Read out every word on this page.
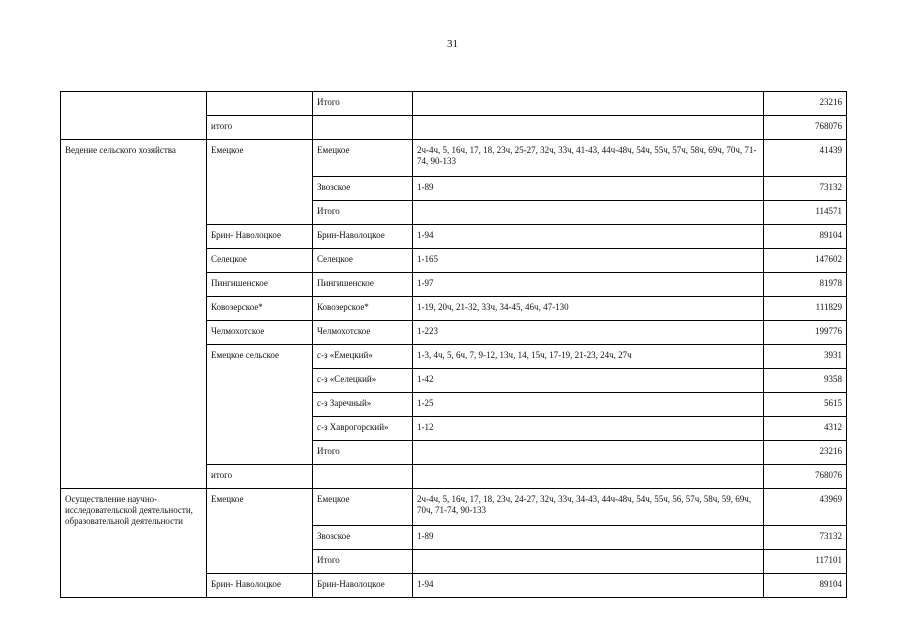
31
		Итого		23216
	итого			768076
Ведение сельского хозяйства	Емецкое	Емецкое	2ч-4ч, 5, 16ч, 17, 18, 23ч, 25-27, 32ч, 33ч, 41-43, 44ч-48ч, 54ч, 55ч, 57ч, 58ч, 69ч, 70ч, 71-74, 90-133	41439
		Звозское	1-89	73132
		Итого		114571
	Брин- Наволоцкое	Брин-Наволоцкое	1-94	89104
	Селецкое	Селецкое	1-165	147602
	Пингишенское	Пингишенское	1-97	81978
	Ковозерское*	Ковозерское*	1-19, 20ч, 21-32, 33ч, 34-45, 46ч, 47-130	111829
	Челмохотское	Челмохотское	1-223	199776
	Емецкое сельское	с-з «Емецкий»	1-3, 4ч, 5, 6ч, 7, 9-12, 13ч, 14, 15ч, 17-19, 21-23, 24ч, 27ч	3931
		с-з «Селецкий»	1-42	9358
		с-з Заречный»	1-25	5615
		с-з Хаврогорский»	1-12	4312
		Итого		23216
	итого			768076
Осуществление научно-исследовательской деятельности, образовательной деятельности	Емецкое	Емецкое	2ч-4ч, 5, 16ч, 17, 18, 23ч, 24-27, 32ч, 33ч, 34-43, 44ч-48ч, 54ч, 55ч, 56, 57ч, 58ч, 59, 69ч, 70ч, 71-74, 90-133	43969
		Звозское	1-89	73132
		Итого		117101
	Брин- Наволоцкое	Брин-Наволоцкое	1-94	89104
